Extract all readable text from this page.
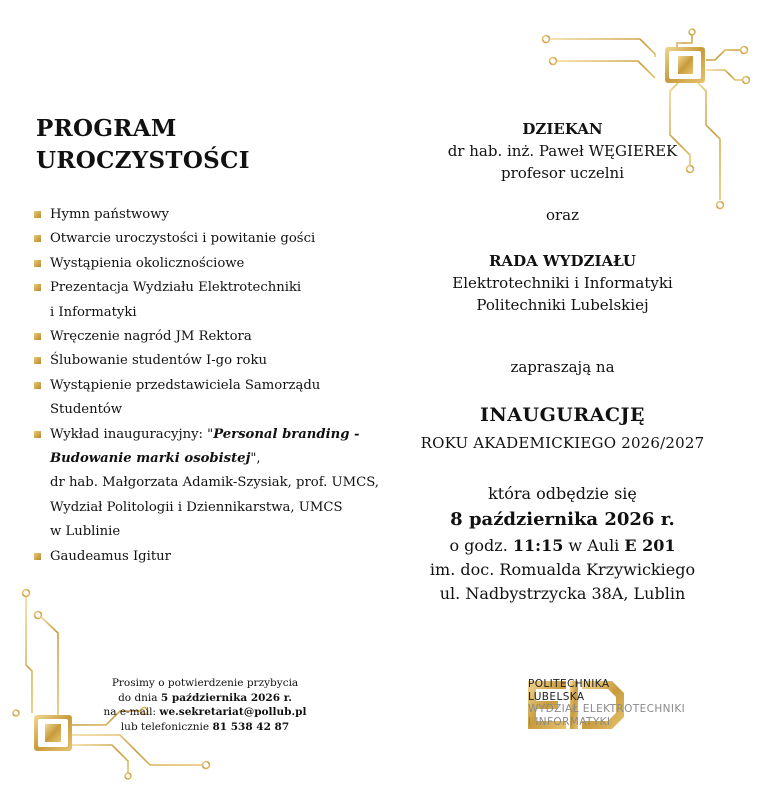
PROGRAM
UROCZYSTOŚCI
Hymn państwowy
Otwarcie uroczystości i powitanie gości
Wystąpienia okolicznościowe
Prezentacja Wydziału Elektrotechniki
i Informatyki
Wręczenie nagród JM Rektora
Ślubowanie studentów I-go roku
Wystąpienie przedstawiciela Samorządu
Studentów
Wykład inauguracyjny: "Personal branding -
Budowanie marki osobistej",
dr hab. Małgorzata Adamik-Szysiak, prof. UMCS,
Wydział Politologii i Dziennikarstwa, UMCS
w Lublinie
Gaudeamus Igitur
DZIEKAN
dr hab. inż. Paweł WĘGIEREK
profesor uczelni
oraz
RADA WYDZIAŁU
Elektrotechniki i Informatyki
Politechniki Lubelskiej
zapraszają na
INAUGURACJĘ
ROKU AKADEMICKIEGO 2026/2027
która odbędzie się
8 października 2026 r.
o godz. 11:15 w Auli E 201
im. doc. Romualda Krzywickiego
ul. Nadbystrzycka 38A, Lublin
Prosimy o potwierdzenie przybycia
do dnia 5 października 2026 r.
na e-mail: we.sekretariat@pollub.pl
lub telefonicznie 81 538 42 87
POLITECHNIKA
LUBELSKA
WYDZIAŁ ELEKTROTECHNIKI
I INFORMATYKI
